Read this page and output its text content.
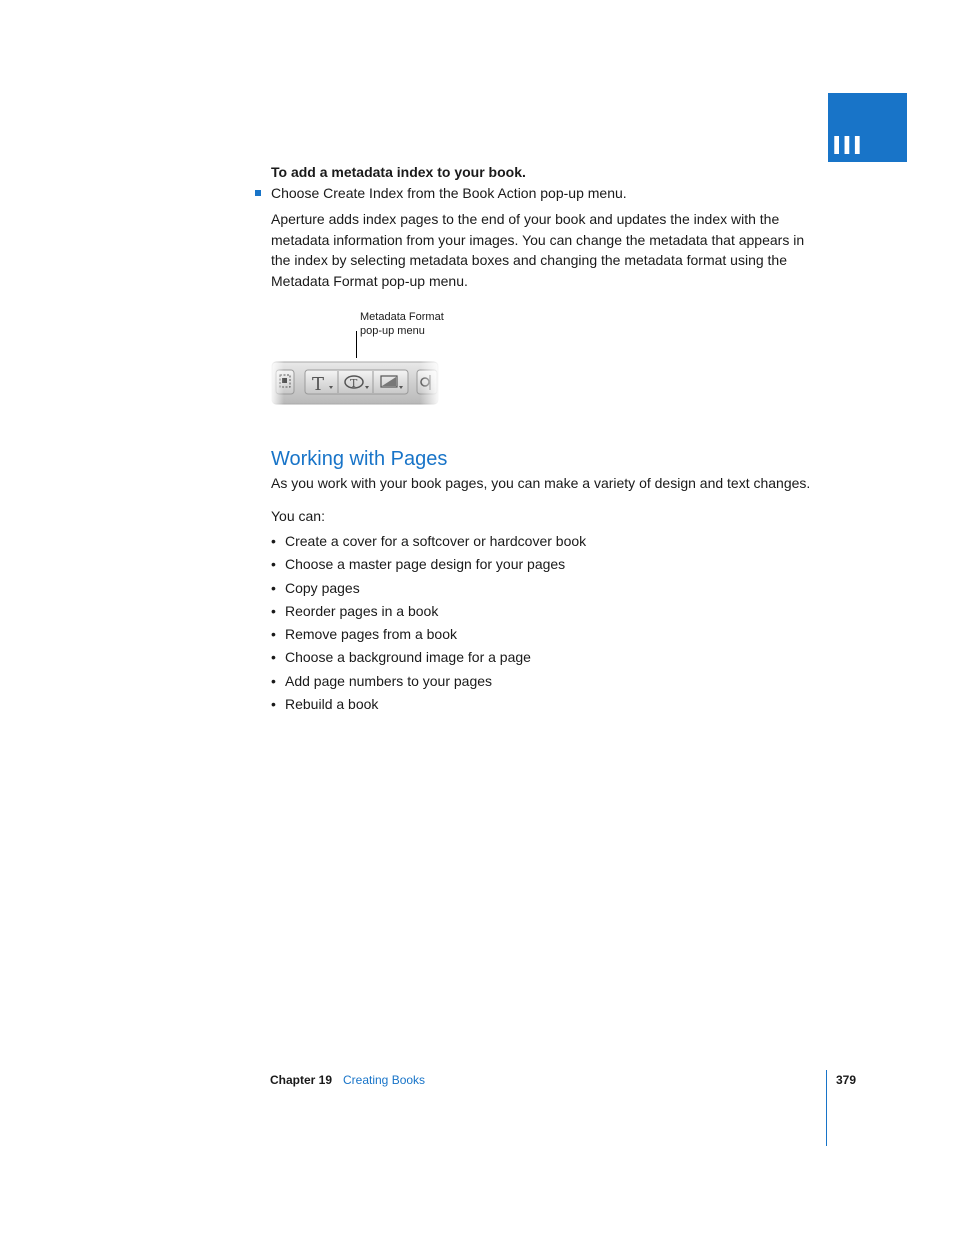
III
To add a metadata index to your book.
Choose Create Index from the Book Action pop-up menu.
Aperture adds index pages to the end of your book and updates the index with the metadata information from your images. You can change the metadata that appears in the index by selecting metadata boxes and changing the metadata format using the Metadata Format pop-up menu.
Metadata Format
pop-up menu
T T
Working with Pages
As you work with your book pages, you can make a variety of design and text changes.
You can:
• Create a cover for a softcover or hardcover book
• Choose a master page design for your pages
• Copy pages
• Reorder pages in a book
• Remove pages from a book
• Choose a background image for a page
• Add page numbers to your pages
• Rebuild a book
Chapter 19 Creating Books	379
